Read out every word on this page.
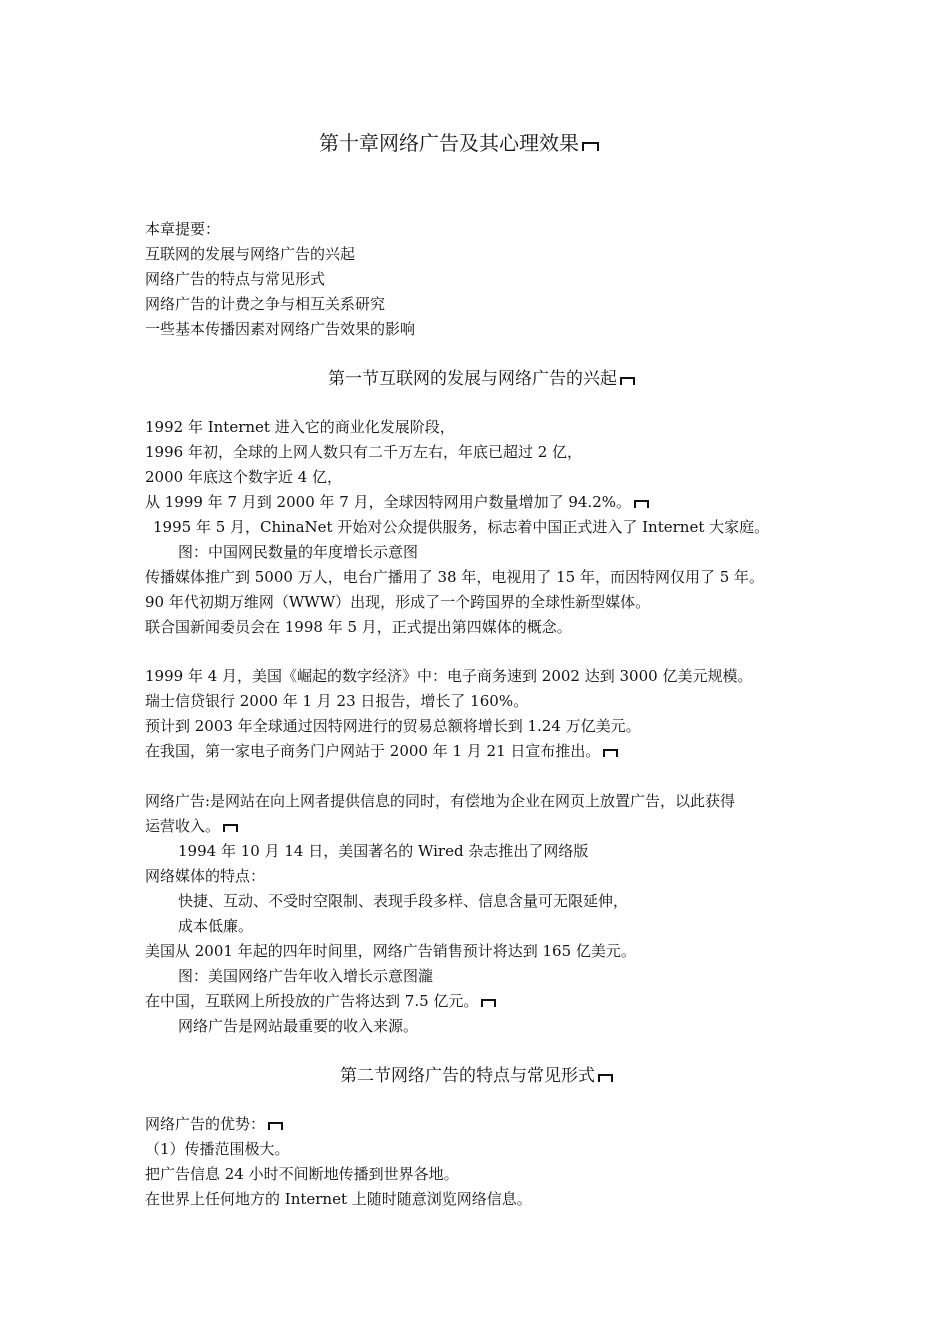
第十章网络广告及其心理效果
本章提要：
互联网的发展与网络广告的兴起
网络广告的特点与常见形式
网络广告的计费之争与相互关系研究
一些基本传播因素对网络广告效果的影响
第一节互联网的发展与网络广告的兴起
1992 年 Internet 进入它的商业化发展阶段，
1996 年初，全球的上网人数只有二千万左右，年底已超过 2 亿，
2000 年底这个数字近 4 亿，
从 1999 年 7 月到 2000 年 7 月，全球因特网用户数量增加了 94.2%。
1995 年 5 月，ChinaNet 开始对公众提供服务，标志着中国正式进入了 Internet 大家庭。
图：中国网民数量的年度增长示意图
传播媒体推广到 5000 万人，电台广播用了 38 年，电视用了 15 年，而因特网仅用了 5 年。
90 年代初期万维网（WWW）出现，形成了一个跨国界的全球性新型媒体。
联合国新闻委员会在 1998 年 5 月，正式提出第四媒体的概念。
1999 年 4 月，美国《崛起的数字经济》中：电子商务速到 2002 达到 3000 亿美元规模。
瑞士信贷银行 2000 年 1 月 23 日报告，增长了 160%。
预计到 2003 年全球通过因特网进行的贸易总额将增长到 1.24 万亿美元。
在我国，第一家电子商务门户网站于 2000 年 1 月 21 日宣布推出。
网络广告:是网站在向上网者提供信息的同时，有偿地为企业在网页上放置广告，以此获得
运营收入。
1994 年 10 月 14 日，美国著名的 Wired 杂志推出了网络版
网络媒体的特点：
快捷、互动、不受时空限制、表现手段多样、信息含量可无限延伸，
成本低廉。
美国从 2001 年起的四年时间里，网络广告销售预计将达到 165 亿美元。
图：美国网络广告年收入增长示意图瀧
在中国，互联网上所投放的广告将达到 7.5 亿元。
网络广告是网站最重要的收入来源。
第二节网络广告的特点与常见形式
网络广告的优势：
（1）传播范围极大。
把广告信息 24 小时不间断地传播到世界各地。
在世界上任何地方的 Internet 上随时随意浏览网络信息。
